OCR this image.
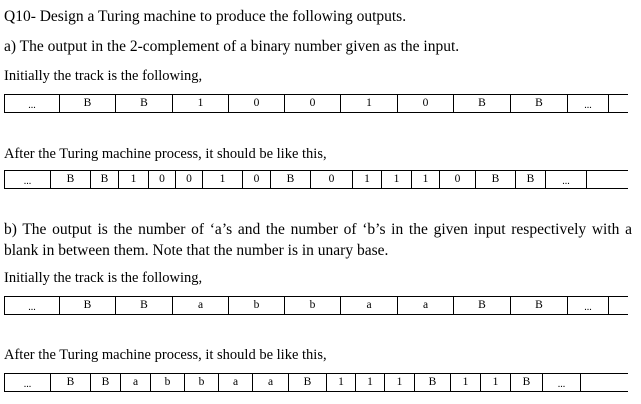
Q10- Design a Turing machine to produce the following outputs.
a) The output in the 2-complement of a binary number given as the input.
Initially the track is the following,
...	B	B	1	0	0	1	0	B	B	...
After the Turing machine process, it should be like this,
...	B	B	1	0	0	1	0	B	0	1	1	1	0	B	B	...
b) The output is the number of ‘a’s and the number of ‘b’s in the given input respectively with a blank in between them. Note that the number is in unary base.
Initially the track is the following,
...	B	B	a	b	b	a	a	B	B	...
After the Turing machine process, it should be like this,
...	B	B	a	b	b	a	a	B	1	1	1	B	1	1	B	...
